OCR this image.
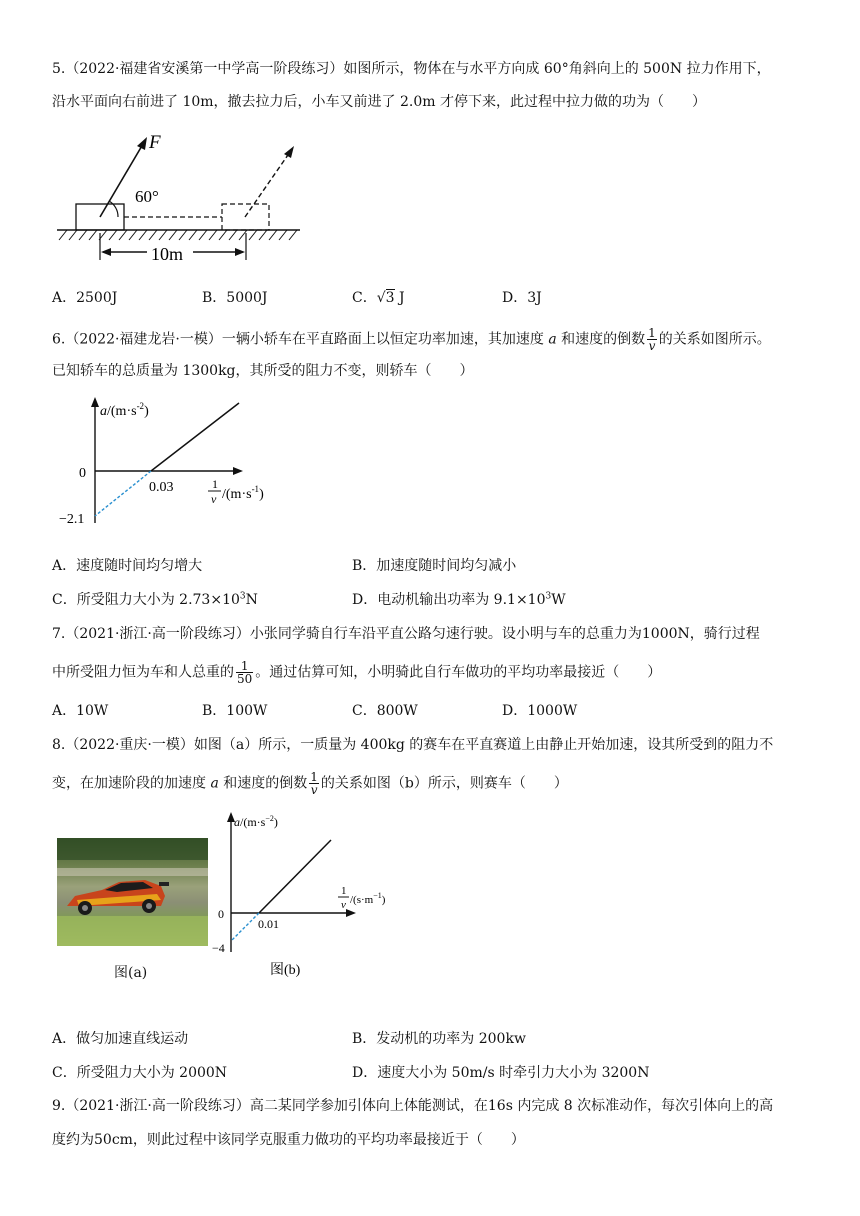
5.（2022·福建省安溪第一中学高一阶段练习）如图所示，物体在与水平方向成 60°角斜向上的 500N 拉力作用下，
沿水平面向右前进了 10m，撤去拉力后，小车又前进了 2.0m 才停下来，此过程中拉力做的功为（　　）
F
60°
10m
A．2500J	B．5000J	C．√3 J	D．3J
6.（2022·福建龙岩·一模）一辆小轿车在平直路面上以恒定功率加速，其加速度 a 和速度的倒数 $\frac{1}{v}$ 的关系如图所示。
已知轿车的总质量为 1300kg，其所受的阻力不变，则轿车（　　）
$a/(m\cdot s^{-2})$
0
0.03
−2.1
1
v $/(m\cdot s^{-1})$
A．速度随时间均匀增大	B．加速度随时间均匀减小
C．所受阻力大小为 $2.73\times 10^3N$	D．电动机输出功率为 $9.1\times 10^3W$
7.（2021·浙江·高一阶段练习）小张同学骑自行车沿平直公路匀速行驶。设小明与车的总重力为1000N，骑行过程
中所受阻力恒为车和人总重的 $\frac{1}{50}$ 。通过估算可知，小明骑此自行车做功的平均功率最接近（　　）
A．10W	B．100W	C．800W	D．1000W
8.（2022·重庆·一模）如图（a）所示，一质量为 400kg 的赛车在平直赛道上由静止开始加速，设其所受到的阻力不
变，在加速阶段的加速度 a 和速度的倒数 $\frac{1}{v}$ 的关系如图（b）所示，则赛车（　　）
$a/(m\cdot s^{-2})$
0
0.01
−4
1
v $/(s\cdot m^{-1})$
图(b)
图(a)
A．做匀加速直线运动	B．发动机的功率为 200kw
C．所受阻力大小为 2000N	D．速度大小为 50m/s 时牵引力大小为 3200N
9.（2021·浙江·高一阶段练习）高二某同学参加引体向上体能测试，在16s 内完成 8 次标准动作，每次引体向上的高
度约为50cm，则此过程中该同学克服重力做功的平均功率最接近于（　　）
